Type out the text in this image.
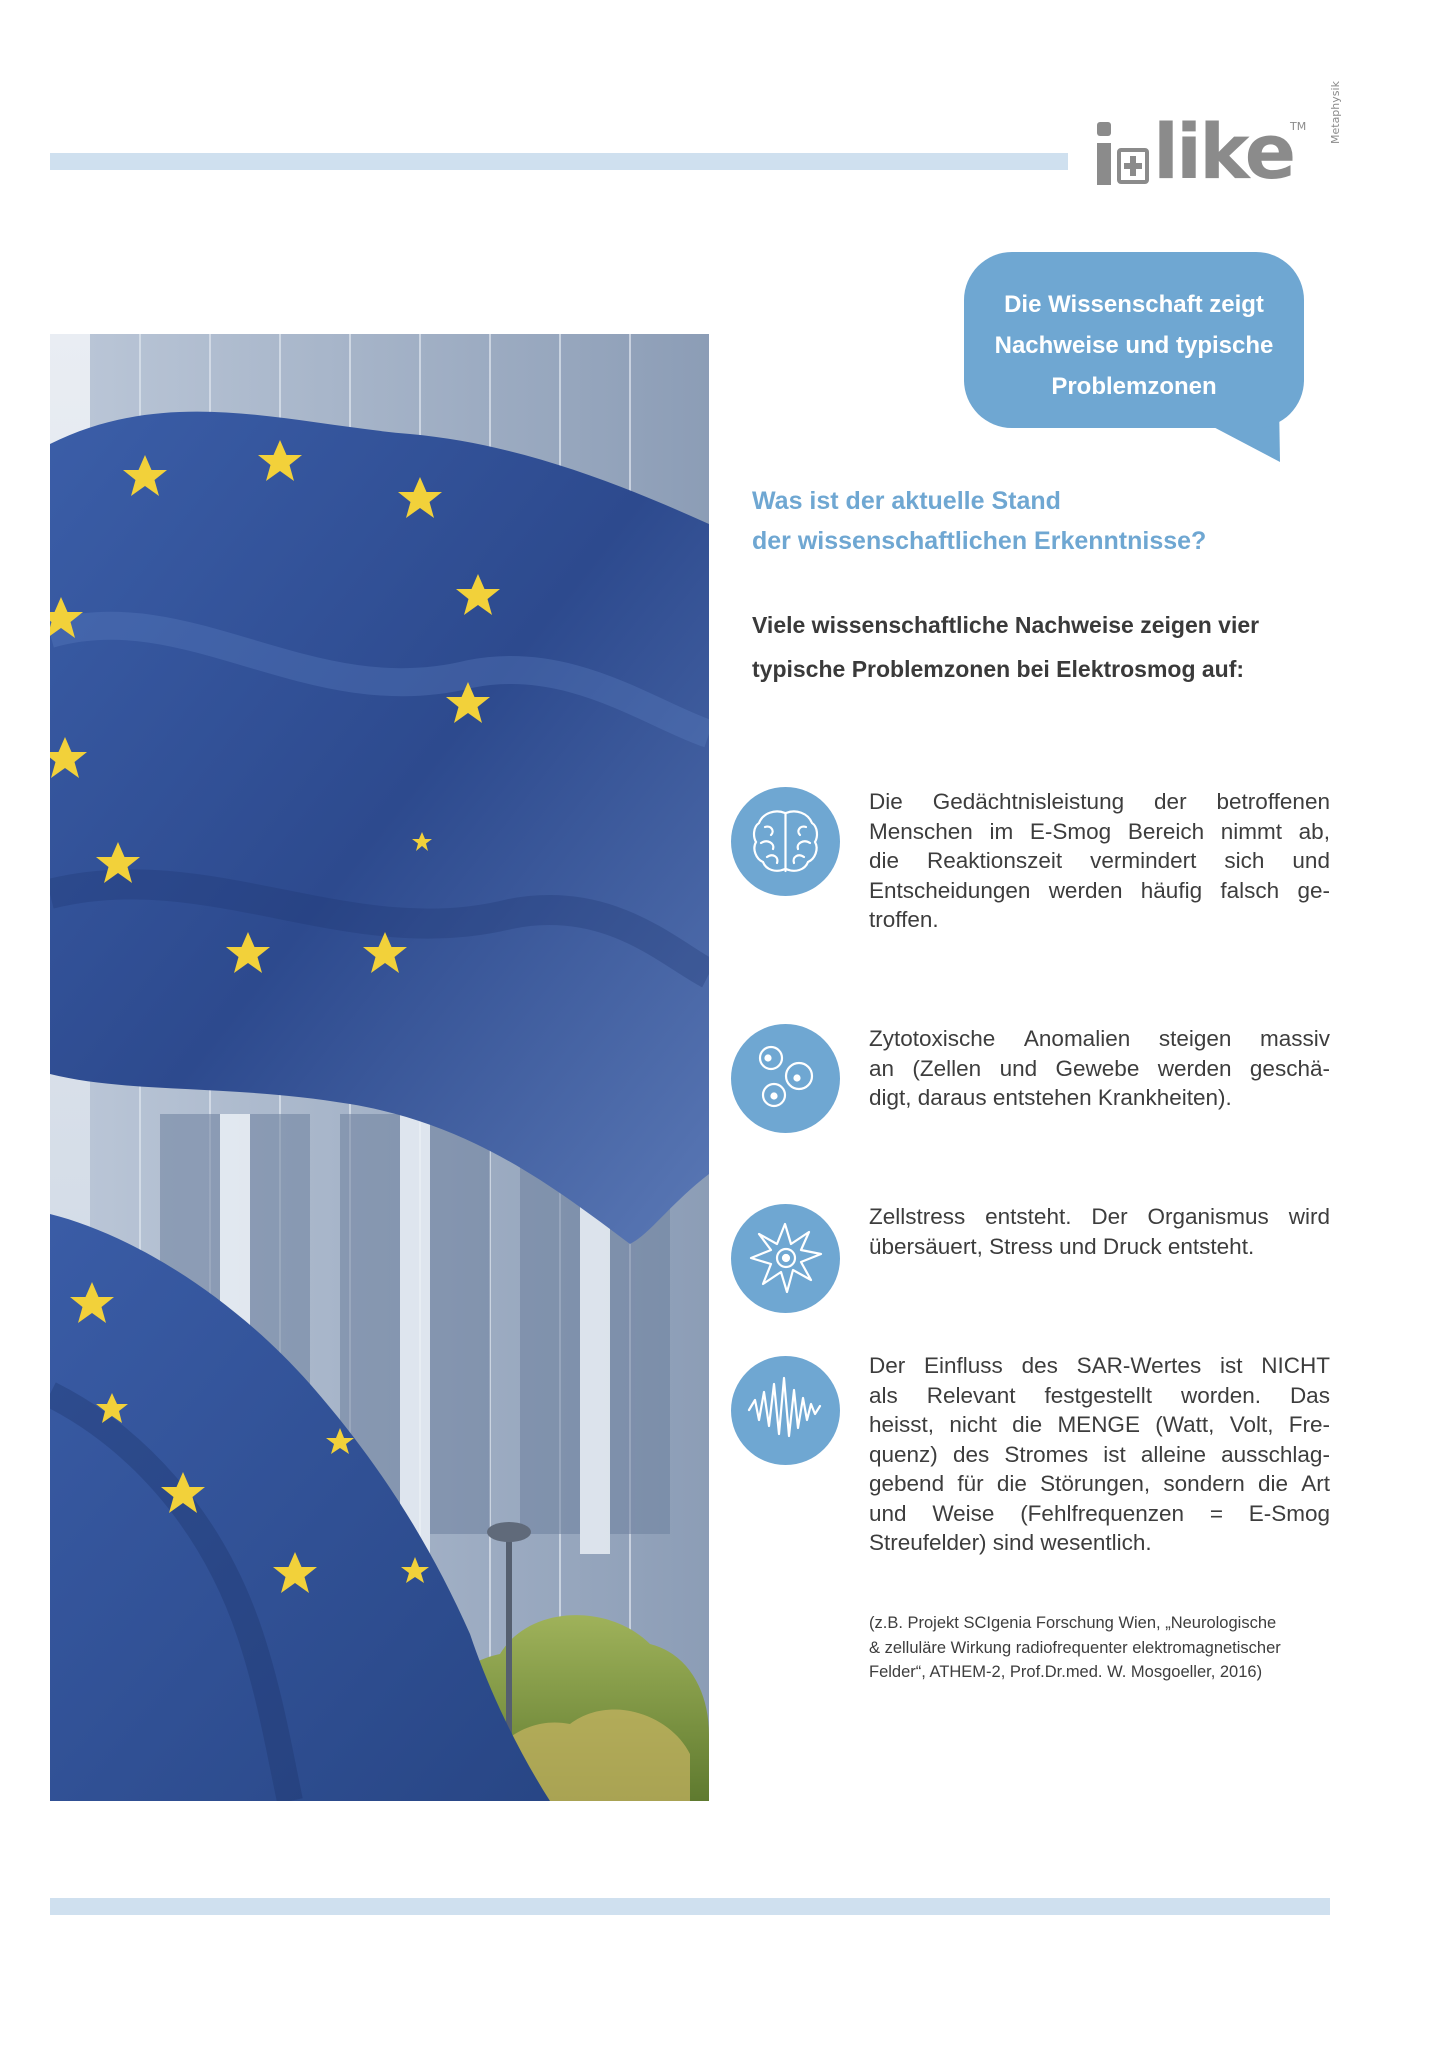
like
TM Metaphysik
Die Wissenschaft zeigt
Nachweise und typische
Problemzonen
Was ist der aktuelle Stand
der wissenschaftlichen Erkenntnisse?
Viele wissenschaftliche Nachweise zeigen vier
typische Problemzonen bei Elektrosmog auf:
Die Gedächtnisleistung der betroffenen
Menschen im E-Smog Bereich nimmt ab,
die Reaktionszeit vermindert sich und
Entscheidungen werden häufig falsch ge-
troffen.
Zytotoxische Anomalien steigen massiv
an (Zellen und Gewebe werden geschä-
digt, daraus entstehen Krankheiten).
Zellstress entsteht. Der Organismus wird
übersäuert, Stress und Druck entsteht.
Der Einfluss des SAR-Wertes ist NICHT
als Relevant festgestellt worden. Das
heisst, nicht die MENGE (Watt, Volt, Fre-
quenz) des Stromes ist alleine ausschlag-
gebend für die Störungen, sondern die Art
und Weise (Fehlfrequenzen = E-Smog
Streufelder) sind wesentlich.
(z.B. Projekt SCIgenia Forschung Wien, „Neurologische
& zelluläre Wirkung radiofrequenter elektromagnetischer
Felder“, ATHEM-2, Prof.Dr.med. W. Mosgoeller, 2016)
